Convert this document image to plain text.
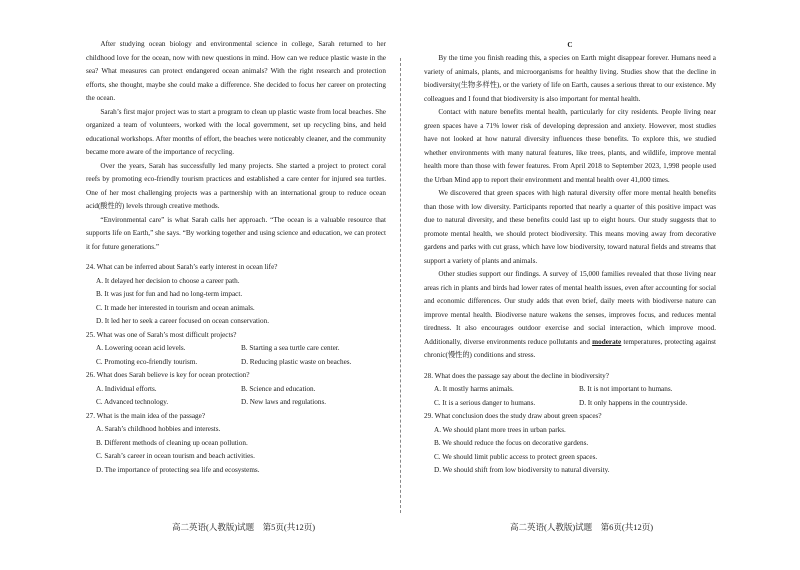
After studying ocean biology and environmental science in college, Sarah returned to her childhood love for the ocean, now with new questions in mind. How can we reduce plastic waste in the sea? What measures can protect endangered ocean animals? With the right research and protection efforts, she thought, maybe she could make a difference. She decided to focus her career on protecting the ocean.

Sarah’s first major project was to start a program to clean up plastic waste from local beaches. She organized a team of volunteers, worked with the local government, set up recycling bins, and held educational workshops. After months of effort, the beaches were noticeably cleaner, and the community became more aware of the importance of recycling.

Over the years, Sarah has successfully led many projects. She started a project to protect coral reefs by promoting eco-friendly tourism practices and established a care center for injured sea turtles. One of her most challenging projects was a partnership with an international group to reduce ocean acid(酸性的) levels through creative methods.

“Environmental care” is what Sarah calls her approach. “The ocean is a valuable resource that supports life on Earth,” she says. “By working together and using science and education, we can protect it for future generations.”

24. What can be inferred about Sarah’s early interest in ocean life?

A. It delayed her decision to choose a career path.

B. It was just for fun and had no long-term impact.

C. It made her interested in tourism and ocean animals.

D. It led her to seek a career focused on ocean conservation.

25. What was one of Sarah’s most difficult projects?

A. Lowering ocean acid levels.	B. Starting a sea turtle care center.
C. Promoting eco-friendly tourism.	D. Reducing plastic waste on beaches.

26. What does Sarah believe is key for ocean protection?

A. Individual efforts.	B. Science and education.
C. Advanced technology.	D. New laws and regulations.

27. What is the main idea of the passage?

A. Sarah’s childhood hobbies and interests.

B. Different methods of cleaning up ocean pollution.

C. Sarah’s career in ocean tourism and beach activities.

D. The importance of protecting sea life and ecosystems.

C

By the time you finish reading this, a species on Earth might disappear forever. Humans need a variety of animals, plants, and microorganisms for healthy living. Studies show that the decline in biodiversity(生物多样性), or the variety of life on Earth, causes a serious threat to our existence. My colleagues and I found that biodiversity is also important for mental health.

Contact with nature benefits mental health, particularly for city residents. People living near green spaces have a 71% lower risk of developing depression and anxiety. However, most studies have not looked at how natural diversity influences these benefits. To explore this, we studied whether environments with many natural features, like trees, plants, and wildlife, improve mental health more than those with fewer features. From April 2018 to September 2023, 1,998 people used the Urban Mind app to report their environment and mental health over 41,000 times.

We discovered that green spaces with high natural diversity offer more mental health benefits than those with low diversity. Participants reported that nearly a quarter of this positive impact was due to natural diversity, and these benefits could last up to eight hours. Our study suggests that to promote mental health, we should protect biodiversity. This means moving away from decorative gardens and parks with cut grass, which have low biodiversity, toward natural fields and streams that support a variety of plants and animals.

Other studies support our findings. A survey of 15,000 families revealed that those living near areas rich in plants and birds had lower rates of mental health issues, even after accounting for social and economic differences. Our study adds that even brief, daily meets with biodiverse nature can improve mental health. Biodiverse nature wakens the senses, improves focus, and reduces mental tiredness. It also encourages outdoor exercise and social interaction, which improve mood. Additionally, diverse environments reduce pollutants and moderate temperatures, protecting against chronic(慢性的) conditions and stress.

28. What does the passage say about the decline in biodiversity?

A. It mostly harms animals.	B. It is not important to humans.
C. It is a serious danger to humans.	D. It only happens in the countryside.

29. What conclusion does the study draw about green spaces?

A. We should plant more trees in urban parks.

B. We should reduce the focus on decorative gardens.

C. We should limit public access to protect green spaces.

D. We should shift from low biodiversity to natural diversity.

高二英语(人教版)试题　第5页(共12页)	高二英语(人教版)试题　第6页(共12页)
